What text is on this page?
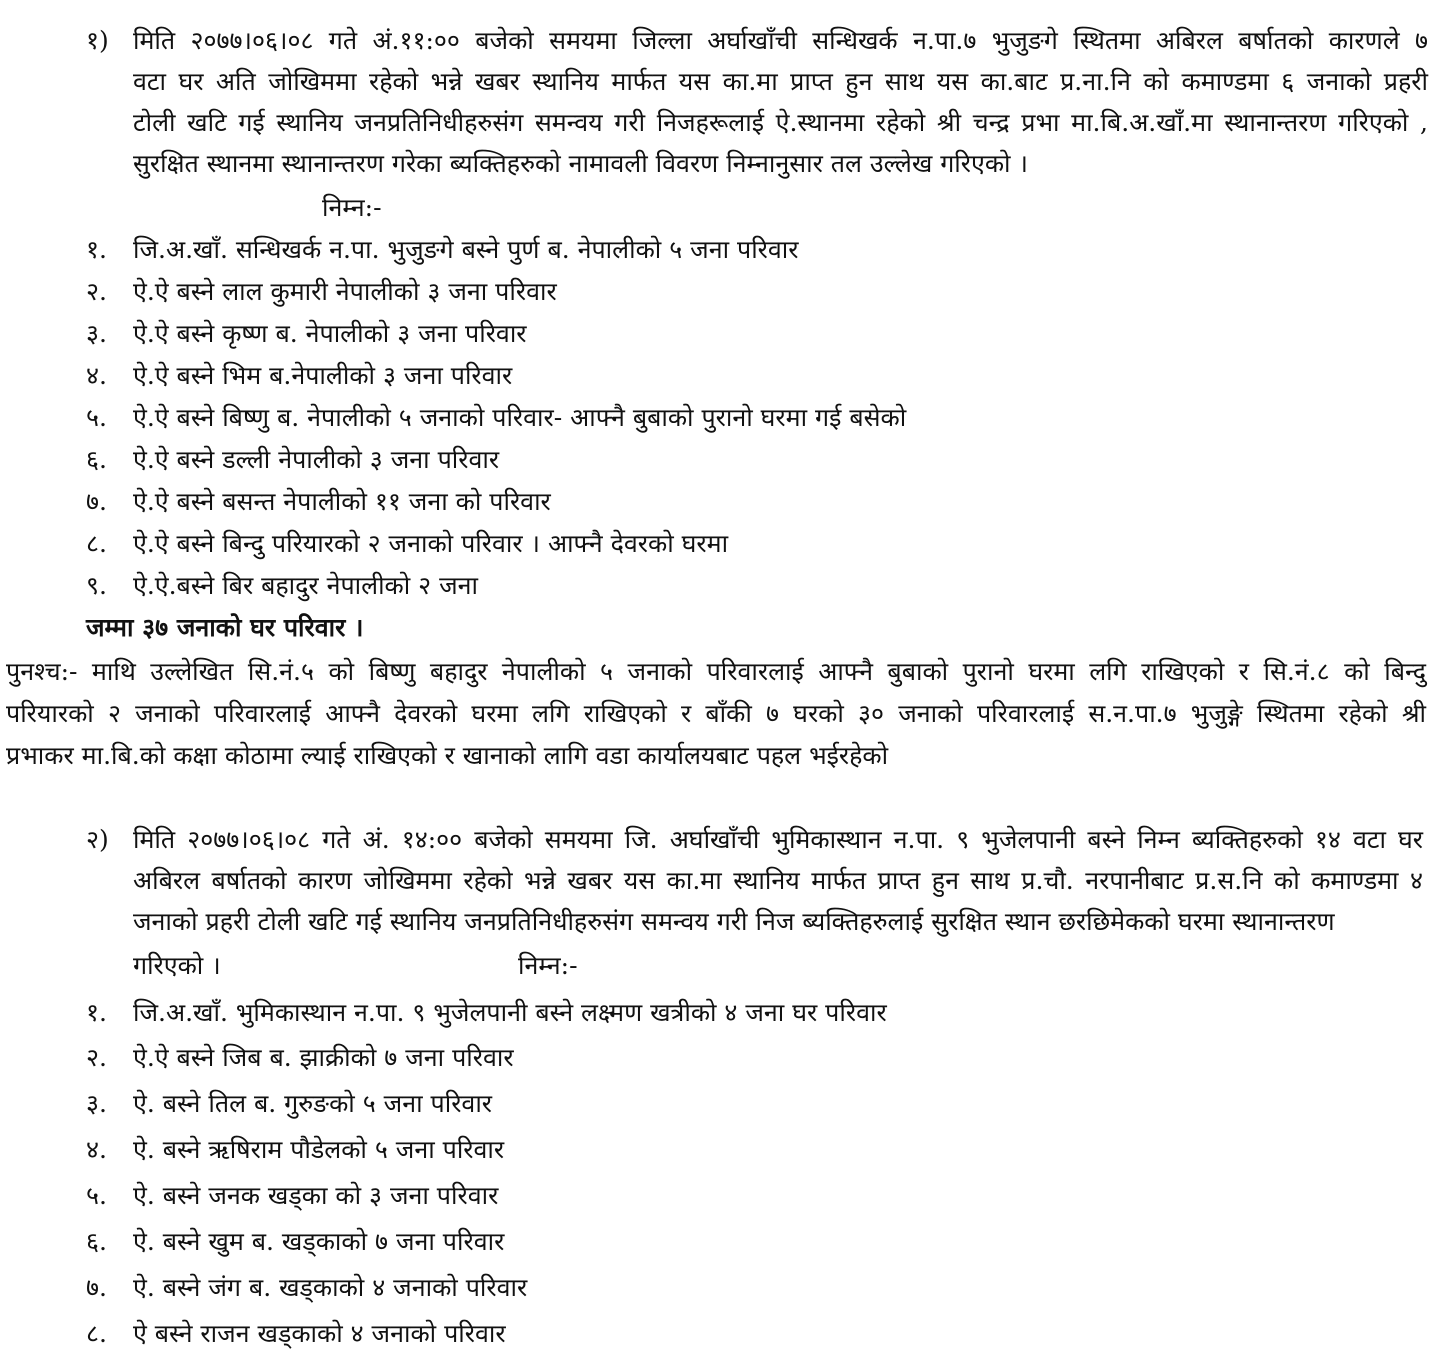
१) मिति २०७७।०६।०८ गते अं.११:०० बजेको समयमा जिल्ला अर्घाखाँची सन्धिखर्क न.पा.७ भुजुङगे स्थितमा अबिरल बर्षातको कारणले ७
वटा घर अति जोखिममा रहेको भन्ने खबर स्थानिय मार्फत यस का.मा प्राप्त हुन साथ यस का.बाट प्र.ना.नि को कमाण्डमा ६ जनाको प्रहरी
टोली खटि गई स्थानिय जनप्रतिनिधीहरुसंग समन्वय गरी निजहरूलाई ऐ.स्थानमा रहेको श्री चन्द्र प्रभा मा.बि.अ.खाँ.मा स्थानान्तरण गरिएको ,
सुरक्षित स्थानमा स्थानान्तरण गरेका ब्यक्तिहरुको नामावली विवरण निम्नानुसार तल उल्लेख गरिएको ।
निम्न:-
१. जि.अ.खाँ. सन्धिखर्क न.पा. भुजुङगे बस्ने पुर्ण ब. नेपालीको ५ जना परिवार
२. ऐ.ऐ बस्ने लाल कुमारी नेपालीको ३ जना परिवार
३. ऐ.ऐ बस्ने कृष्ण ब. नेपालीको ३ जना परिवार
४. ऐ.ऐ बस्ने भिम ब.नेपालीको ३ जना परिवार
५. ऐ.ऐ बस्ने बिष्णु ब. नेपालीको ५ जनाको परिवार- आफ्नै बुबाको पुरानो घरमा गई बसेको
६. ऐ.ऐ बस्ने डल्ली नेपालीको ३ जना परिवार
७. ऐ.ऐ बस्ने बसन्त नेपालीको ११ जना को परिवार
८. ऐ.ऐ बस्ने बिन्दु परियारको २ जनाको परिवार । आफ्नै देवरको घरमा
९. ऐ.ऐ.बस्ने बिर बहादुर नेपालीको २ जना
जम्मा ३७ जनाको घर परिवार ।
पुनश्च:- माथि उल्लेखित सि.नं.५ को बिष्णु बहादुर नेपालीको ५ जनाको परिवारलाई आफ्नै बुबाको पुरानो घरमा लगि राखिएको र सि.नं.८ को बिन्दु
परियारको २ जनाको परिवारलाई आफ्नै देवरको घरमा लगि राखिएको र बाँकी ७ घरको ३० जनाको परिवारलाई स.न.पा.७ भुजुङ्गे स्थितमा रहेको श्री
प्रभाकर मा.बि.को कक्षा कोठामा ल्याई राखिएको र खानाको लागि वडा कार्यालयबाट पहल भईरहेको
२) मिति २०७७।०६।०८ गते अं. १४:०० बजेको समयमा जि. अर्घाखाँची भुमिकास्थान न.पा. ९ भुजेलपानी बस्ने निम्न ब्यक्तिहरुको १४ वटा घर
अबिरल बर्षातको कारण जोखिममा रहेको भन्ने खबर यस का.मा स्थानिय मार्फत प्राप्त हुन साथ प्र.चौ. नरपानीबाट प्र.स.नि को कमाण्डमा ४
जनाको प्रहरी टोली खटि गई स्थानिय जनप्रतिनिधीहरुसंग समन्वय गरी निज ब्यक्तिहरुलाई सुरक्षित स्थान छरछिमेकको घरमा स्थानान्तरण
गरिएको ।	निम्न:-
१. जि.अ.खाँ. भुमिकास्थान न.पा. ९ भुजेलपानी बस्ने लक्ष्मण खत्रीको ४ जना घर परिवार
२. ऐ.ऐ बस्ने जिब ब. झाक्रीको ७ जना परिवार
३. ऐ. बस्ने तिल ब. गुरुङको ५ जना परिवार
४. ऐ. बस्ने ऋषिराम पौडेलको ५ जना परिवार
५. ऐ. बस्ने जनक खड्का को ३ जना परिवार
६. ऐ. बस्ने खुम ब. खड्काको ७ जना परिवार
७. ऐ. बस्ने जंग ब. खड्काको ४ जनाको परिवार
८. ऐ बस्ने राजन खड्काको ४ जनाको परिवार
